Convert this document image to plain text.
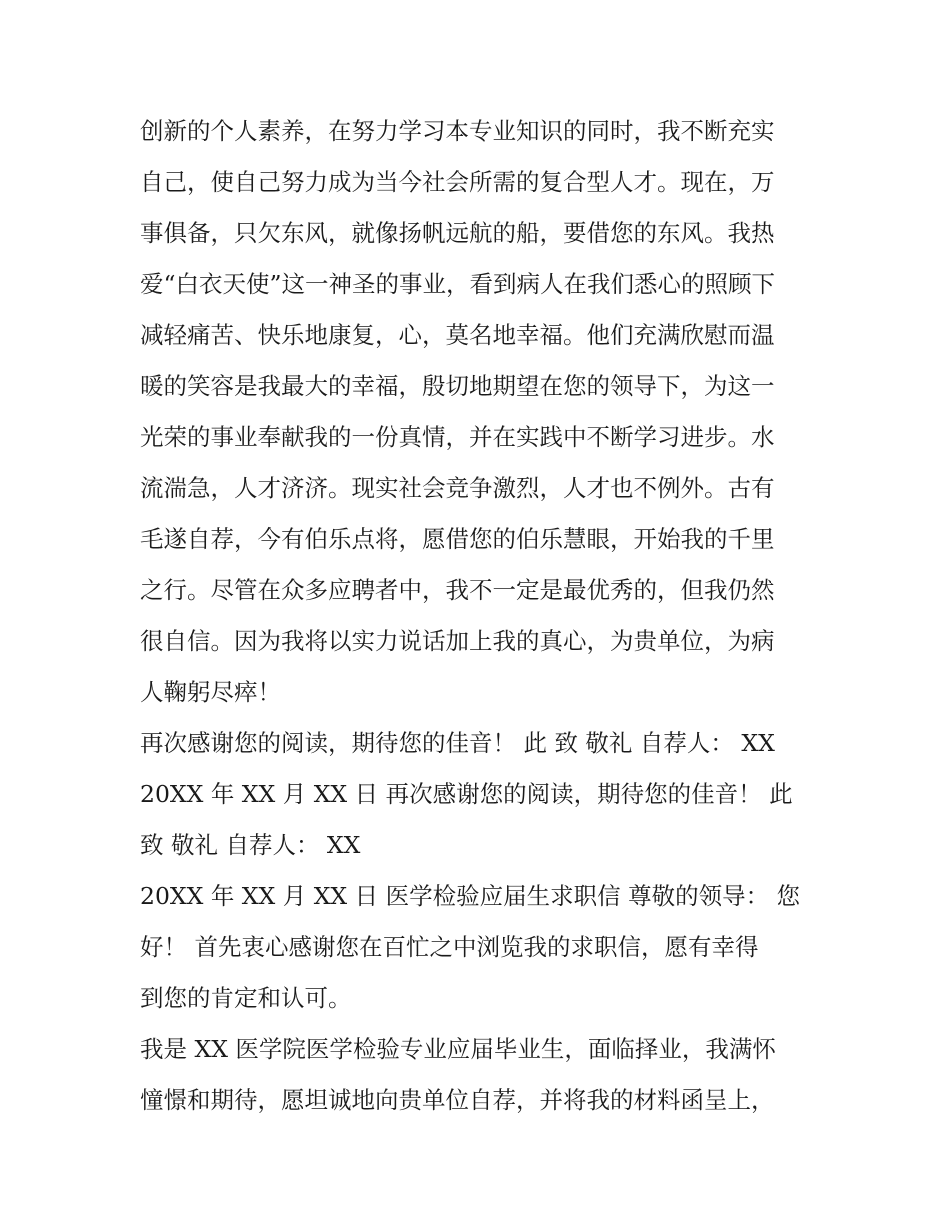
创新的个人素养，在努力学习本专业知识的同时，我不断充实
自己，使自己努力成为当今社会所需的复合型人才。现在，万
事俱备，只欠东风，就像扬帆远航的船，要借您的东风。我热
爱“白衣天使”这一神圣的事业，看到病人在我们悉心的照顾下
减轻痛苦、快乐地康复，心，莫名地幸福。他们充满欣慰而温
暖的笑容是我最大的幸福，殷切地期望在您的领导下，为这一
光荣的事业奉献我的一份真情，并在实践中不断学习进步。水
流湍急，人才济济。现实社会竞争激烈，人才也不例外。古有
毛遂自荐，今有伯乐点将，愿借您的伯乐慧眼，开始我的千里
之行。尽管在众多应聘者中，我不一定是最优秀的，但我仍然
很自信。因为我将以实力说话加上我的真心，为贵单位，为病
人鞠躬尽瘁！
再次感谢您的阅读，期待您的佳音！ 此 致 敬礼 自荐人： XX
20XX 年 XX 月 XX 日 再次感谢您的阅读，期待您的佳音！ 此
致 敬礼 自荐人： XX
20XX 年 XX 月 XX 日 医学检验应届生求职信 尊敬的领导： 您
好！ 首先衷心感谢您在百忙之中浏览我的求职信，愿有幸得
到您的肯定和认可。
我是 XX 医学院医学检验专业应届毕业生，面临择业，我满怀
憧憬和期待，愿坦诚地向贵单位自荐，并将我的材料函呈上，
